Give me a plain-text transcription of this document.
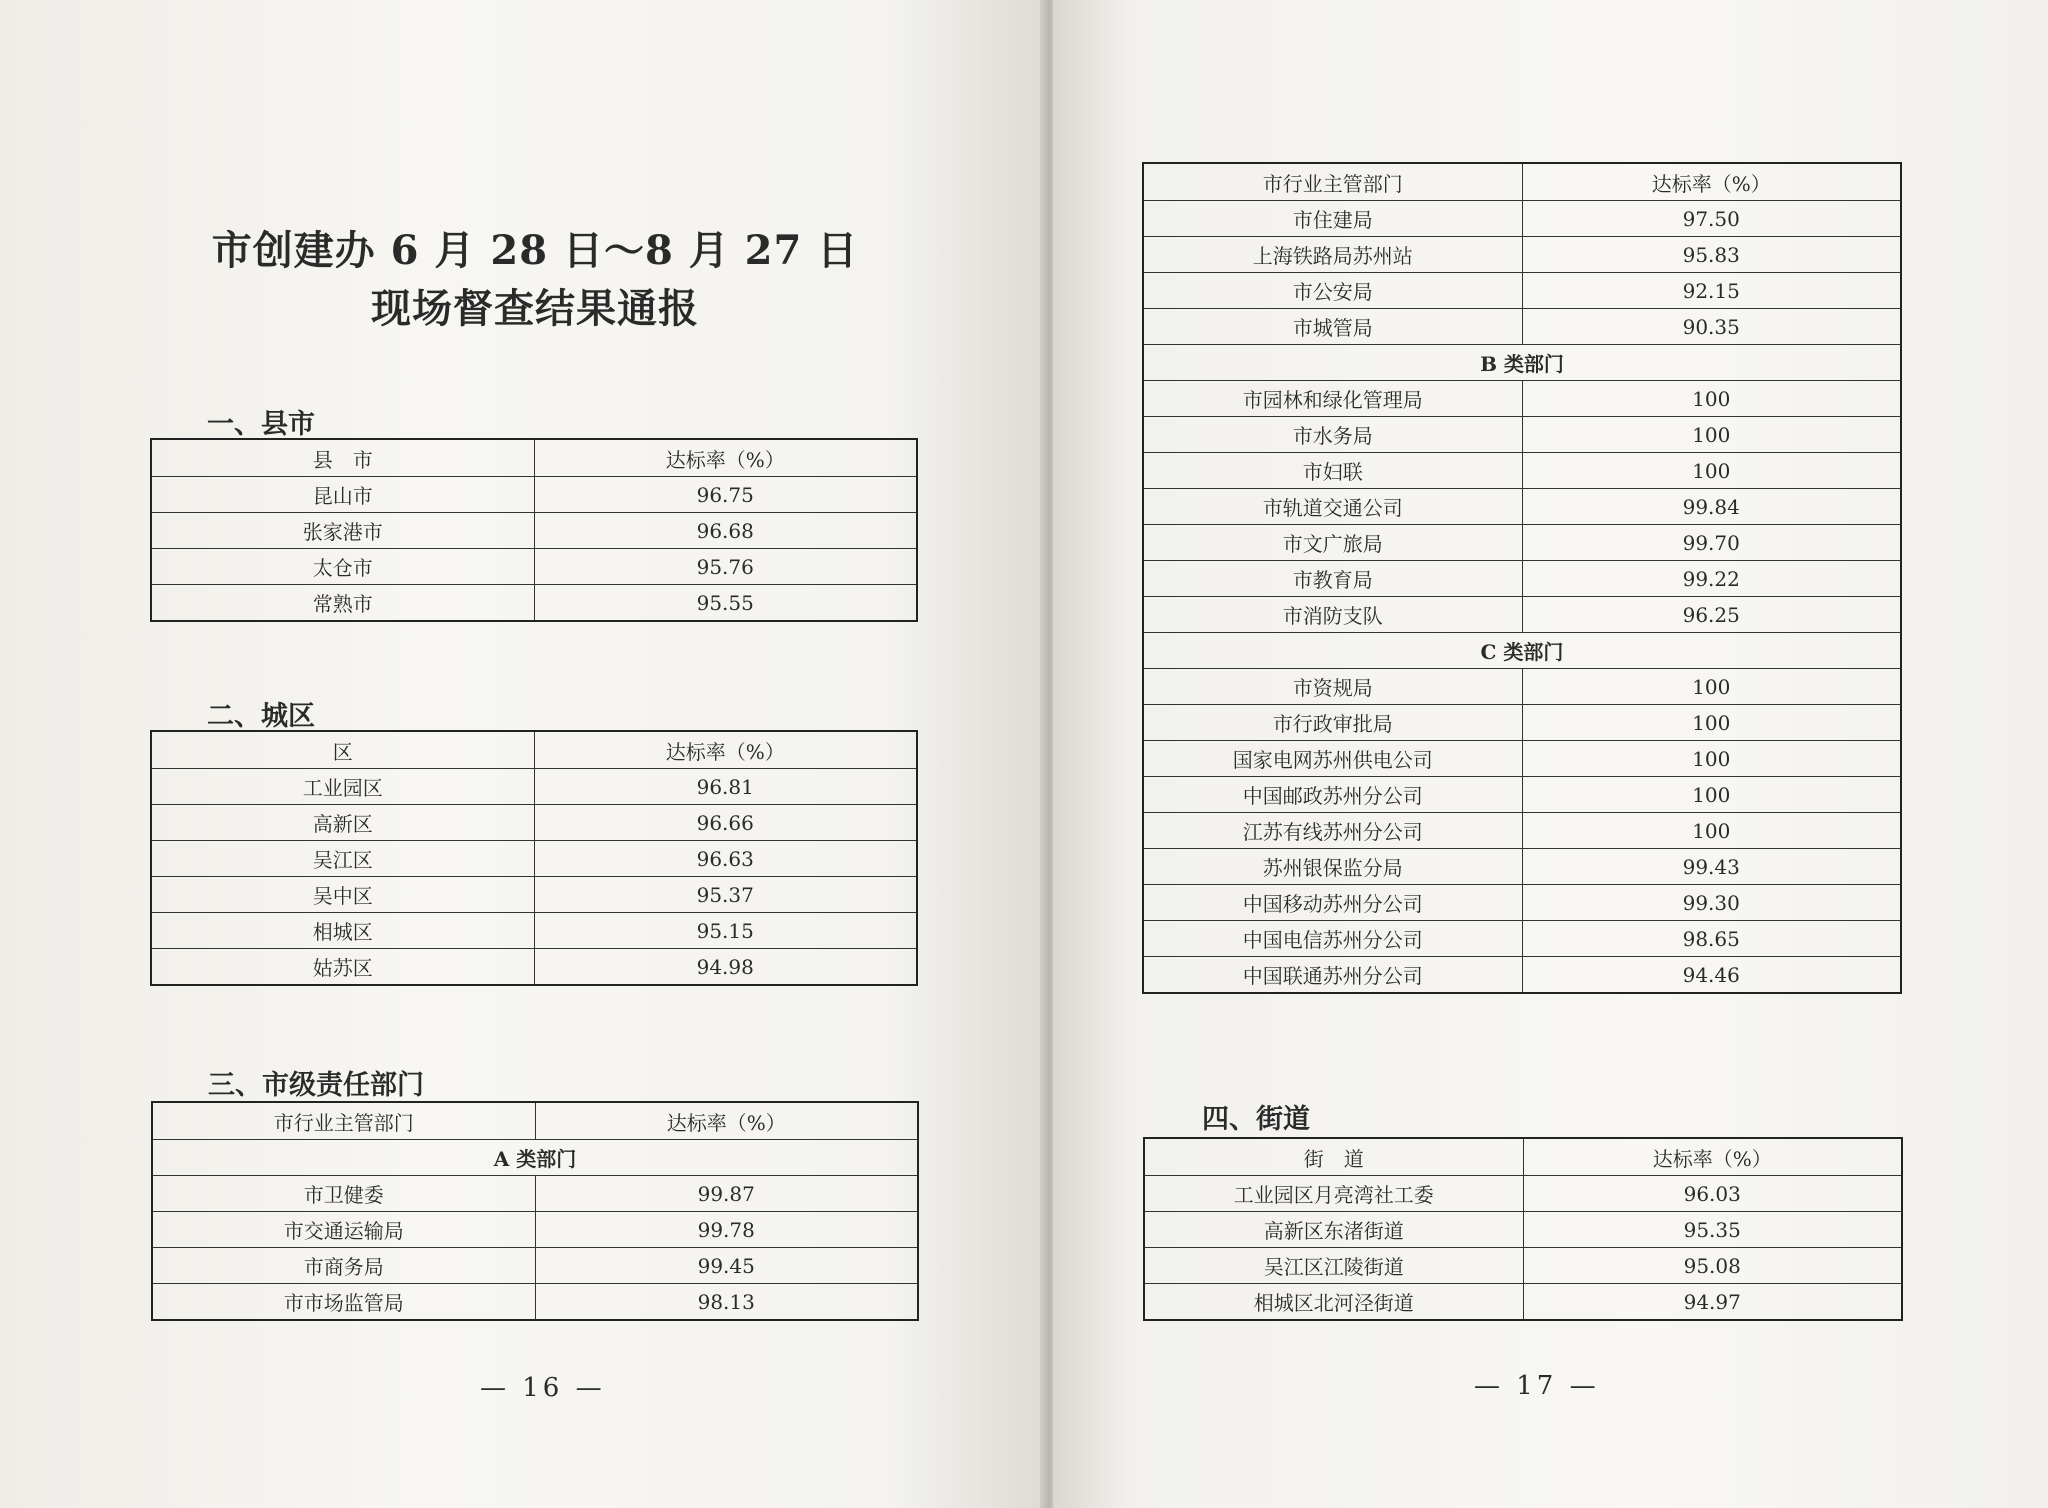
市创建办 6 月 28 日～8 月 27 日
现场督查结果通报
一、县市
县　市	达标率（%）
昆山市	96.75
张家港市	96.68
太仓市	95.76
常熟市	95.55
二、城区
区	达标率（%）
工业园区	96.81
高新区	96.66
吴江区	96.63
吴中区	95.37
相城区	95.15
姑苏区	94.98
三、市级责任部门
市行业主管部门	达标率（%）
A 类部门	
市卫健委	99.87
市交通运输局	99.78
市商务局	99.45
市市场监管局	98.13
— 16 —
市行业主管部门	达标率（%）
市住建局	97.50
上海铁路局苏州站	95.83
市公安局	92.15
市城管局	90.35
B 类部门	
市园林和绿化管理局	100
市水务局	100
市妇联	100
市轨道交通公司	99.84
市文广旅局	99.70
市教育局	99.22
市消防支队	96.25
C 类部门	
市资规局	100
市行政审批局	100
国家电网苏州供电公司	100
中国邮政苏州分公司	100
江苏有线苏州分公司	100
苏州银保监分局	99.43
中国移动苏州分公司	99.30
中国电信苏州分公司	98.65
中国联通苏州分公司	94.46
四、街道
街　道	达标率（%）
工业园区月亮湾社工委	96.03
高新区东渚街道	95.35
吴江区江陵街道	95.08
相城区北河泾街道	94.97
— 17 —
